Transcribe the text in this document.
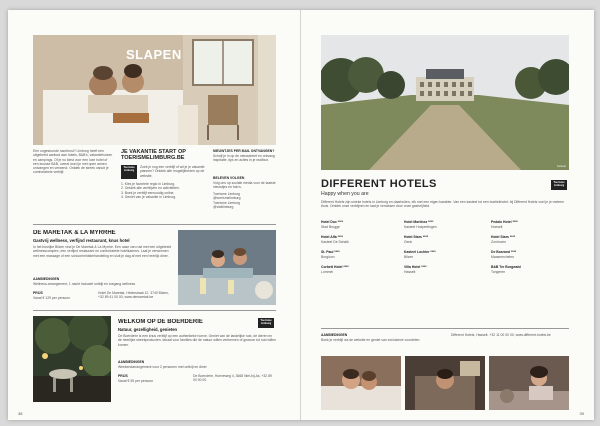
SLAPEN
Een ongestoorde nachtrust? Limburg heeft een uitgebreid aanbod aan hotels, B&B's, vakantiehuizen en campings. Of je nu kiest voor een luxe hotel of een knusse B&B, overal word je met open armen ontvangen en verwend. Ontdek de streek vanuit je comfortabele verblijf.
JE VAKANTIE START OP TOERISMELIMBURG.BE
Toerisme Limburg
Zoek je nog een verblijf of wil je je vakantie plannen? Ontdek alle mogelijkheden op de website.
1. Kies je favoriete regio in Limburg.
2. Ontdek alle verblijven en activiteiten.
3. Boek je verblijf eenvoudig online.
4. Geniet van je vakantie in Limburg.
NIEUWTJES PER MAIL ONTVANGEN?
Schrijf je in op de nieuwsbrief en ontvang inspiratie, tips en acties in je mailbox.
BELEVEN VOLGEN
Volg ons op sociale media voor de laatste nieuwtjes en foto's.
Toerisme Limburg
@toerismelimburg
Toerisme Limburg
@visitlimburg
DE MARETAK & LA MYRRHE
Gastvrij wellness, verfijnd restaurant, knus hotel
In het bosrijke Bilzen vind je De Maretak & La Myrrhe. Een oase van rust met een uitgebreid wellnesscomplex, een verfijnd restaurant en comfortabele hotelkamers. Laat je verwennen met een massage of een schoonheidsbehandeling en sluit je dag af met een heerlijk diner.
AANBIEDINGEN
Wellness-arrangement, 1 nacht inclusief ontbijt en toegang wellness
PRIJS
Vanaf € 129 per persoon
Hotel De Maretak, Heidestraat 12, 3740 Bilzen, +32 89 41 00 00, www.demaretak.be
WELKOM OP DE BOERDERIE	Toerisme Limburg
Natuur, gezelligheid, genieten
De Boerderie is een knus verblijf op een authentieke hoeve. Geniet van de landelijke rust, de dieren en de heerlijke streekproducten. Ideaal voor families die de natuur willen verkennen of gewoon tot rust willen komen.
AANBIEDINGEN
Weekendarrangement voor 2 personen met ontbijt en diner
PRIJS
Vanaf € 95 per persoon
De Boerderie, Hoeveweg 4, 3668 Niel-bij-As, +32 89 00 00 00
38
Kasteel
DIFFERENT HOTELS	Toerisme Limburg
Happy when you are
Different Hotels zijn unieke hotels in Limburg en daarbuiten, elk met een eigen karakter. Van een kasteel tot een boetiekhotel: bij Different Hotels voel je je meteen thuis. Ontdek onze verblijven en laat je verrassen door onze gastvrijheid.
Hotel Duc ****
Stad Brugge
Hotel Alfa ****
Kasteel De Schalk
St. Paul ****
Borgloon
Corbett Hotel ****
Lommel
Hotel Martinez ****
Kasteel Hoepertingen
Hotel Stars ****
Genk
Kasteel Lochter ****
Bilzen
Villa Hotel ****
Hasselt
Pedalo Hotel ****
Hoeselt
Hotel Stars ****
Zonhoven
De Bosrand ****
Maasmechelen
B&B Ter Burgwald
Tongeren
AANBIEDINGEN
Boek je verblijf via de website en geniet van exclusieve voordelen.
Different Hotels, Hasselt, +32 11 00 00 00, www.different-hotels.be
39
